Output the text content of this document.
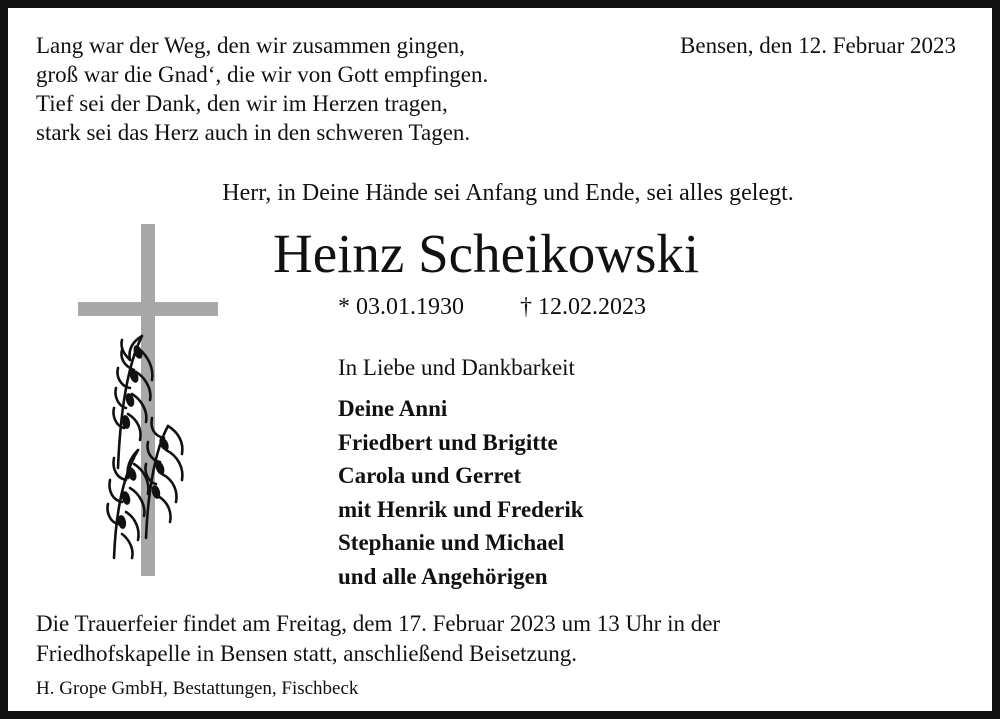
Lang war der Weg, den wir zusammen gingen,
groß war die Gnad‘, die wir von Gott empfingen.
Tief sei der Dank, den wir im Herzen tragen,
stark sei das Herz auch in den schweren Tagen.
Bensen, den 12. Februar 2023
Herr, in Deine Hände sei Anfang und Ende, sei alles gelegt.
Heinz Scheikowski
* 03.01.1930 † 12.02.2023
In Liebe und Dankbarkeit
Deine Anni
Friedbert und Brigitte
Carola und Gerret
mit Henrik und Frederik
Stephanie und Michael
und alle Angehörigen
Die Trauerfeier findet am Freitag, dem 17. Februar 2023 um 13 Uhr in der
Friedhofskapelle in Bensen statt, anschließend Beisetzung.
H. Grope GmbH, Bestattungen, Fischbeck
